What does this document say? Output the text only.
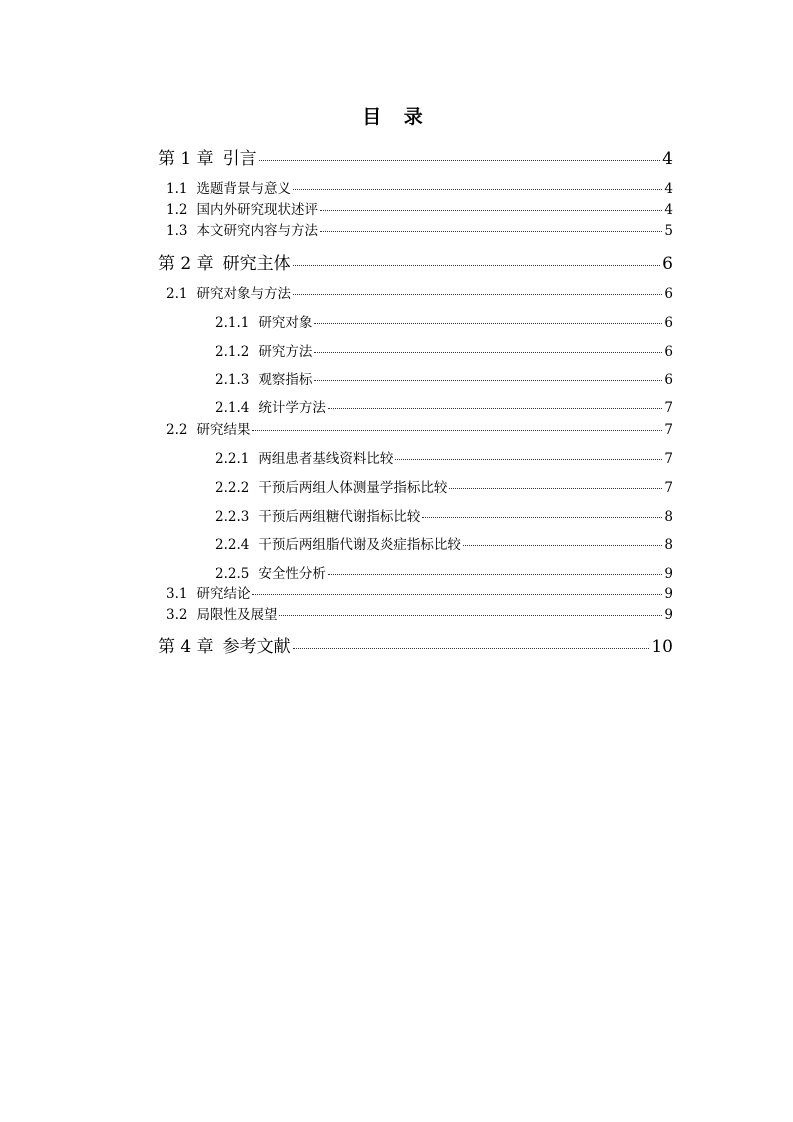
目 录
第 1 章 引言	4
1.1 选题背景与意义	4
1.2 国内外研究现状述评	4
1.3 本文研究内容与方法	5
第 2 章 研究主体	6
2.1 研究对象与方法	6
2.1.1 研究对象	6
2.1.2 研究方法	6
2.1.3 观察指标	6
2.1.4 统计学方法	7
2.2 研究结果	7
2.2.1 两组患者基线资料比较	7
2.2.2 干预后两组人体测量学指标比较	7
2.2.3 干预后两组糖代谢指标比较	8
2.2.4 干预后两组脂代谢及炎症指标比较	8
2.2.5 安全性分析	9
3.1 研究结论	9
3.2 局限性及展望	9
第 4 章 参考文献	10
